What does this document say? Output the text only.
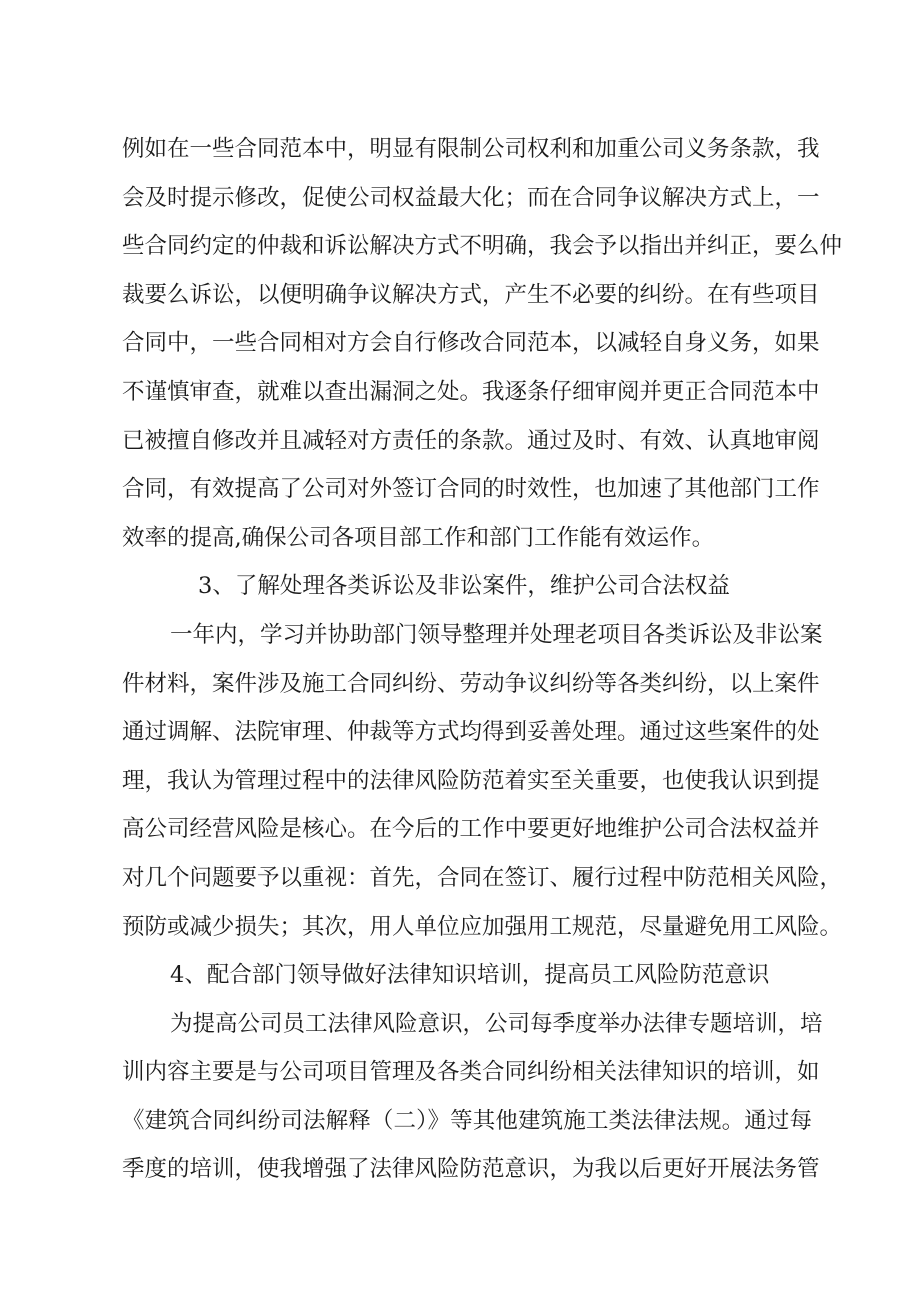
例如在一些合同范本中，明显有限制公司权利和加重公司义务条款，我
会及时提示修改，促使公司权益最大化；而在合同争议解决方式上，一
些合同约定的仲裁和诉讼解决方式不明确，我会予以指出并纠正，要么仲
裁要么诉讼，以便明确争议解决方式，产生不必要的纠纷。在有些项目
合同中，一些合同相对方会自行修改合同范本，以减轻自身义务，如果
不谨慎审查，就难以查出漏洞之处。我逐条仔细审阅并更正合同范本中
已被擅自修改并且减轻对方责任的条款。通过及时、有效、认真地审阅
合同，有效提高了公司对外签订合同的时效性，也加速了其他部门工作
效率的提高,确保公司各项目部工作和部门工作能有效运作。
3、了解处理各类诉讼及非讼案件，维护公司合法权益
一年内，学习并协助部门领导整理并处理老项目各类诉讼及非讼案
件材料，案件涉及施工合同纠纷、劳动争议纠纷等各类纠纷，以上案件
通过调解、法院审理、仲裁等方式均得到妥善处理。通过这些案件的处
理，我认为管理过程中的法律风险防范着实至关重要，也使我认识到提
高公司经营风险是核心。在今后的工作中要更好地维护公司合法权益并
对几个问题要予以重视：首先，合同在签订、履行过程中防范相关风险，
预防或减少损失；其次，用人单位应加强用工规范，尽量避免用工风险。
4、配合部门领导做好法律知识培训，提高员工风险防范意识
为提高公司员工法律风险意识，公司每季度举办法律专题培训，培
训内容主要是与公司项目管理及各类合同纠纷相关法律知识的培训，如
《建筑合同纠纷司法解释（二）》等其他建筑施工类法律法规。通过每
季度的培训，使我增强了法律风险防范意识，为我以后更好开展法务管
